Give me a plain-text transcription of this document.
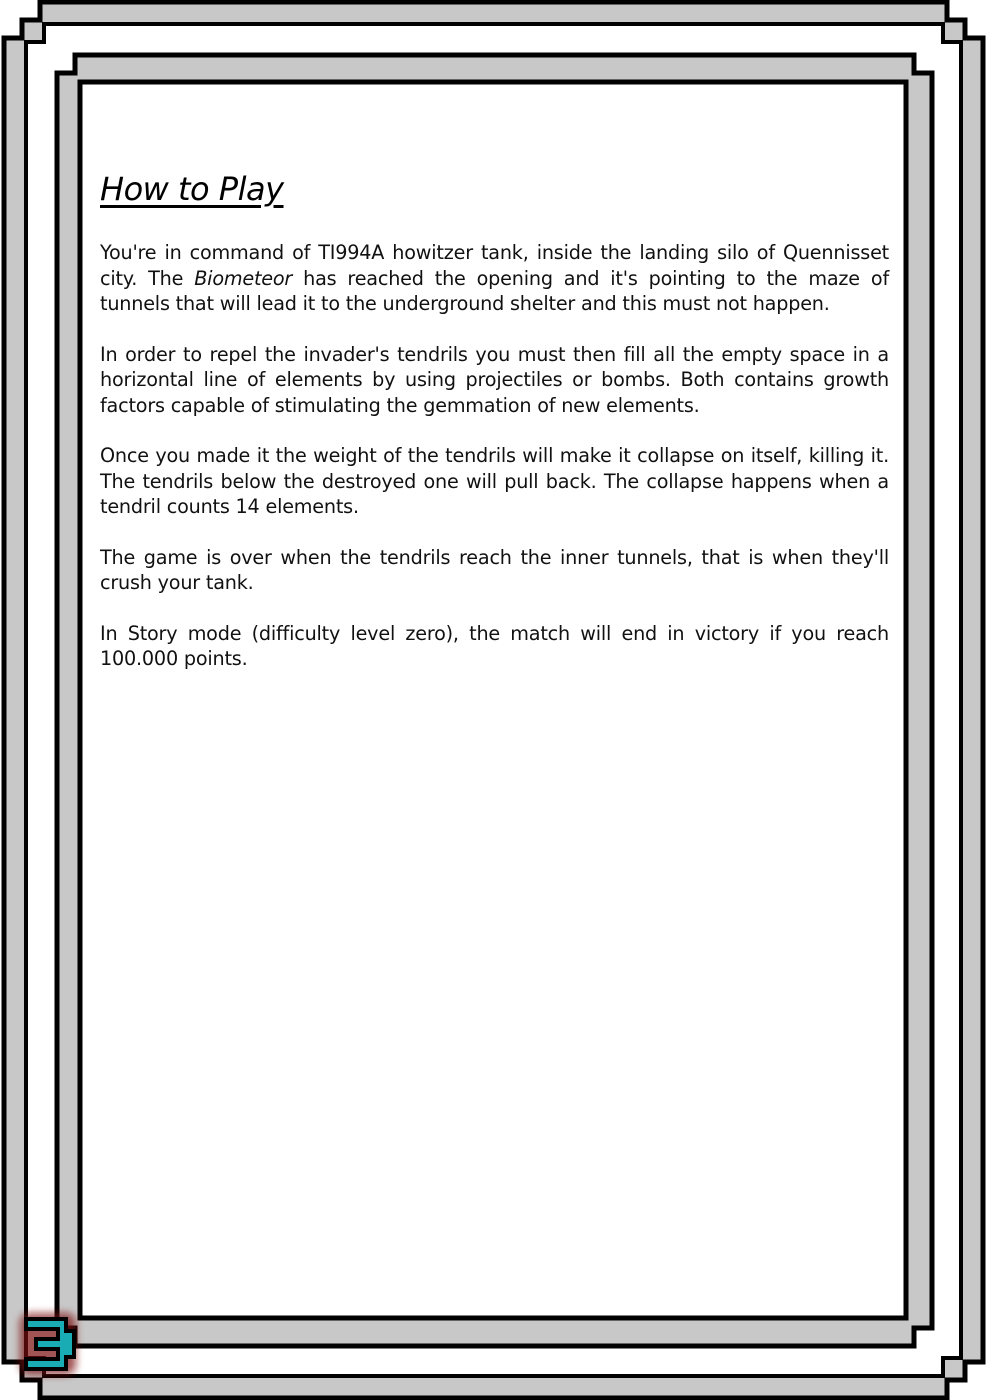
How to Play

You're in command of TI994A howitzer tank, inside the landing silo of Quennisset city. The Biometeor has reached the opening and it's pointing to the maze of tunnels that will lead it to the underground shelter and this must not happen.

In order to repel the invader's tendrils you must then fill all the empty space in a horizontal line of elements by using projectiles or bombs. Both contains growth factors capable of stimulating the gemmation of new elements.

Once you made it the weight of the tendrils will make it collapse on itself, killing it. The tendrils below the destroyed one will pull back. The collapse happens when a tendril counts 14 elements.

The game is over when the tendrils reach the inner tunnels, that is when they'll crush your tank.

In Story mode (difficulty level zero), the match will end in victory if you reach 100.000 points.
